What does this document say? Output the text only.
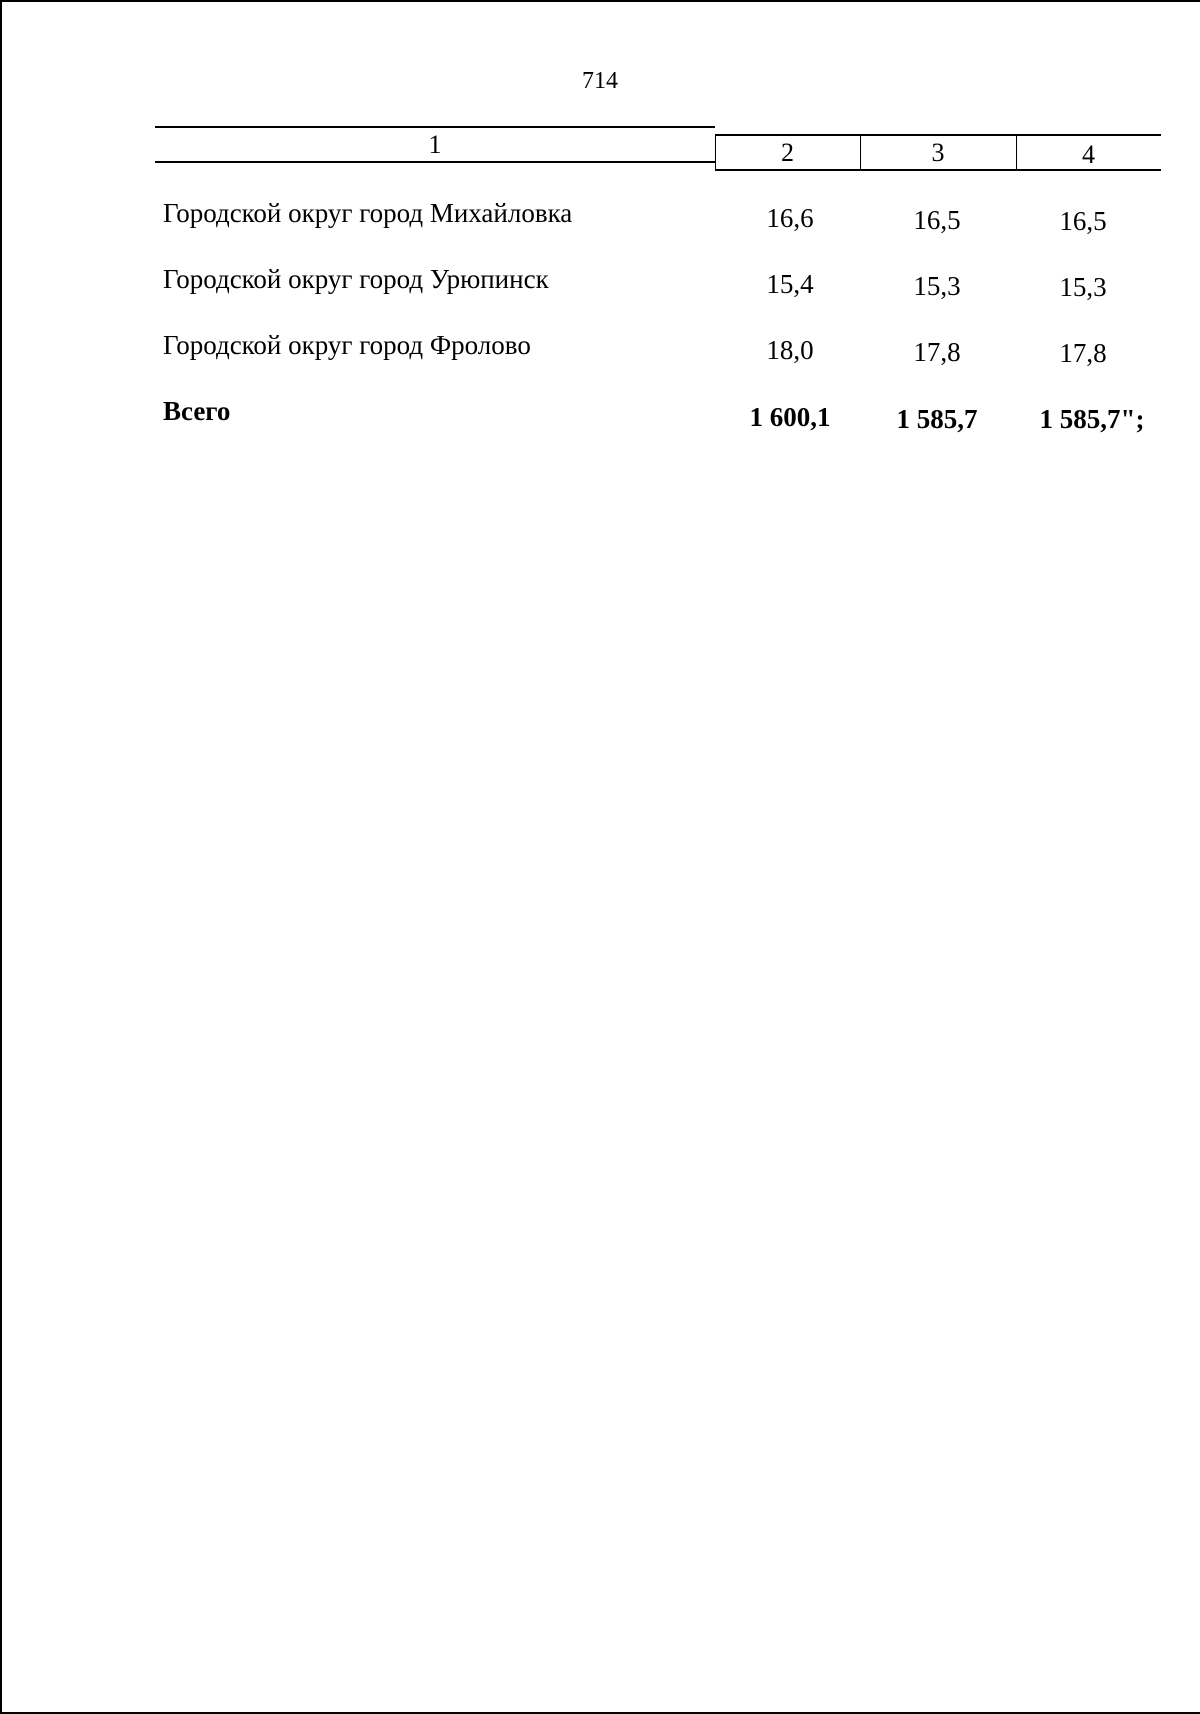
714
1	2	3	4
Городской округ город Михайловка	16,6	16,5	16,5
Городской округ город Урюпинск	15,4	15,3	15,3
Городской округ город Фролово	18,0	17,8	17,8
Всего	1 600,1	1 585,7	1 585,7";
